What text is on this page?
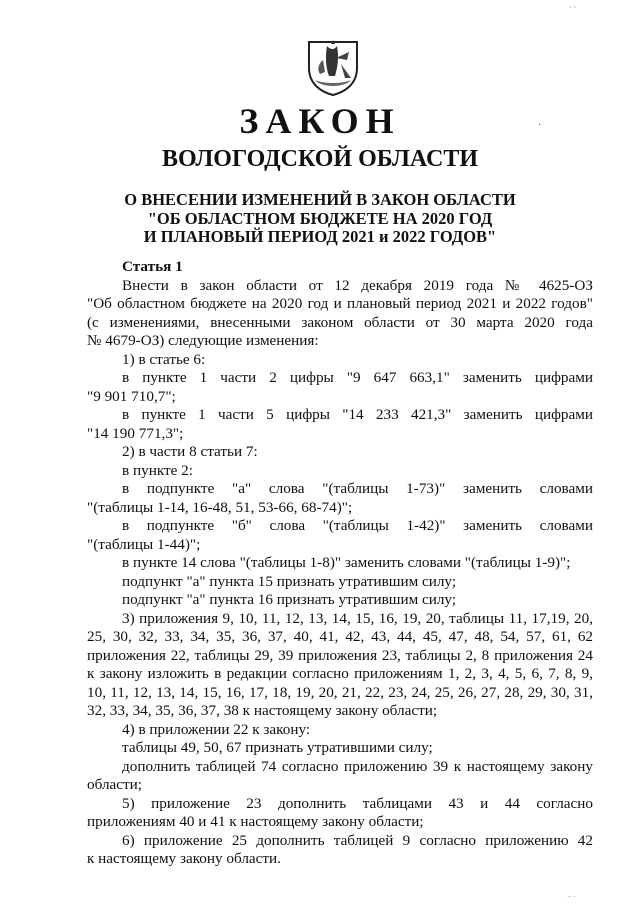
· ·
·
·· ·
ЗАКОН
ВОЛОГОДСКОЙ ОБЛАСТИ
О ВНЕСЕНИИ ИЗМЕНЕНИЙ В ЗАКОН ОБЛАСТИ
"ОБ ОБЛАСТНОМ БЮДЖЕТЕ НА 2020 ГОД
И ПЛАНОВЫЙ ПЕРИОД 2021 и 2022 ГОДОВ"
Статья 1
Внести в закон области от 12 декабря 2019 года № 4625-ОЗ
"Об областном бюджете на 2020 год и плановый период 2021 и 2022 годов"
(с изменениями, внесенными законом области от 30 марта 2020 года
№ 4679-ОЗ) следующие изменения:
1) в статье 6:
в пункте 1 части 2 цифры "9 647 663,1" заменить цифрами
"9 901 710,7";
в пункте 1 части 5 цифры "14 233 421,3" заменить цифрами
"14 190 771,3";
2) в части 8 статьи 7:
в пункте 2:
в подпункте "а" слова "(таблицы 1-73)" заменить словами
"(таблицы 1-14, 16-48, 51, 53-66, 68-74)";
в подпункте "б" слова "(таблицы 1-42)" заменить словами
"(таблицы 1-44)";
в пункте 14 слова "(таблицы 1-8)" заменить словами "(таблицы 1-9)";
подпункт "а" пункта 15 признать утратившим силу;
подпункт "а" пункта 16 признать утратившим силу;
3) приложения 9, 10, 11, 12, 13, 14, 15, 16, 19, 20, таблицы 11, 17,19, 20,
25, 30, 32, 33, 34, 35, 36, 37, 40, 41, 42, 43, 44, 45, 47, 48, 54, 57, 61, 62
приложения 22, таблицы 29, 39 приложения 23, таблицы 2, 8 приложения 24
к закону изложить в редакции согласно приложениям 1, 2, 3, 4, 5, 6, 7, 8, 9,
10, 11, 12, 13, 14, 15, 16, 17, 18, 19, 20, 21, 22, 23, 24, 25, 26, 27, 28, 29, 30, 31,
32, 33, 34, 35, 36, 37, 38 к настоящему закону области;
4) в приложении 22 к закону:
таблицы 49, 50, 67 признать утратившими силу;
дополнить таблицей 74 согласно приложению 39 к настоящему закону
области;
5) приложение 23 дополнить таблицами 43 и 44 согласно
приложениям 40 и 41 к настоящему закону области;
6) приложение 25 дополнить таблицей 9 согласно приложению 42
к настоящему закону области.
